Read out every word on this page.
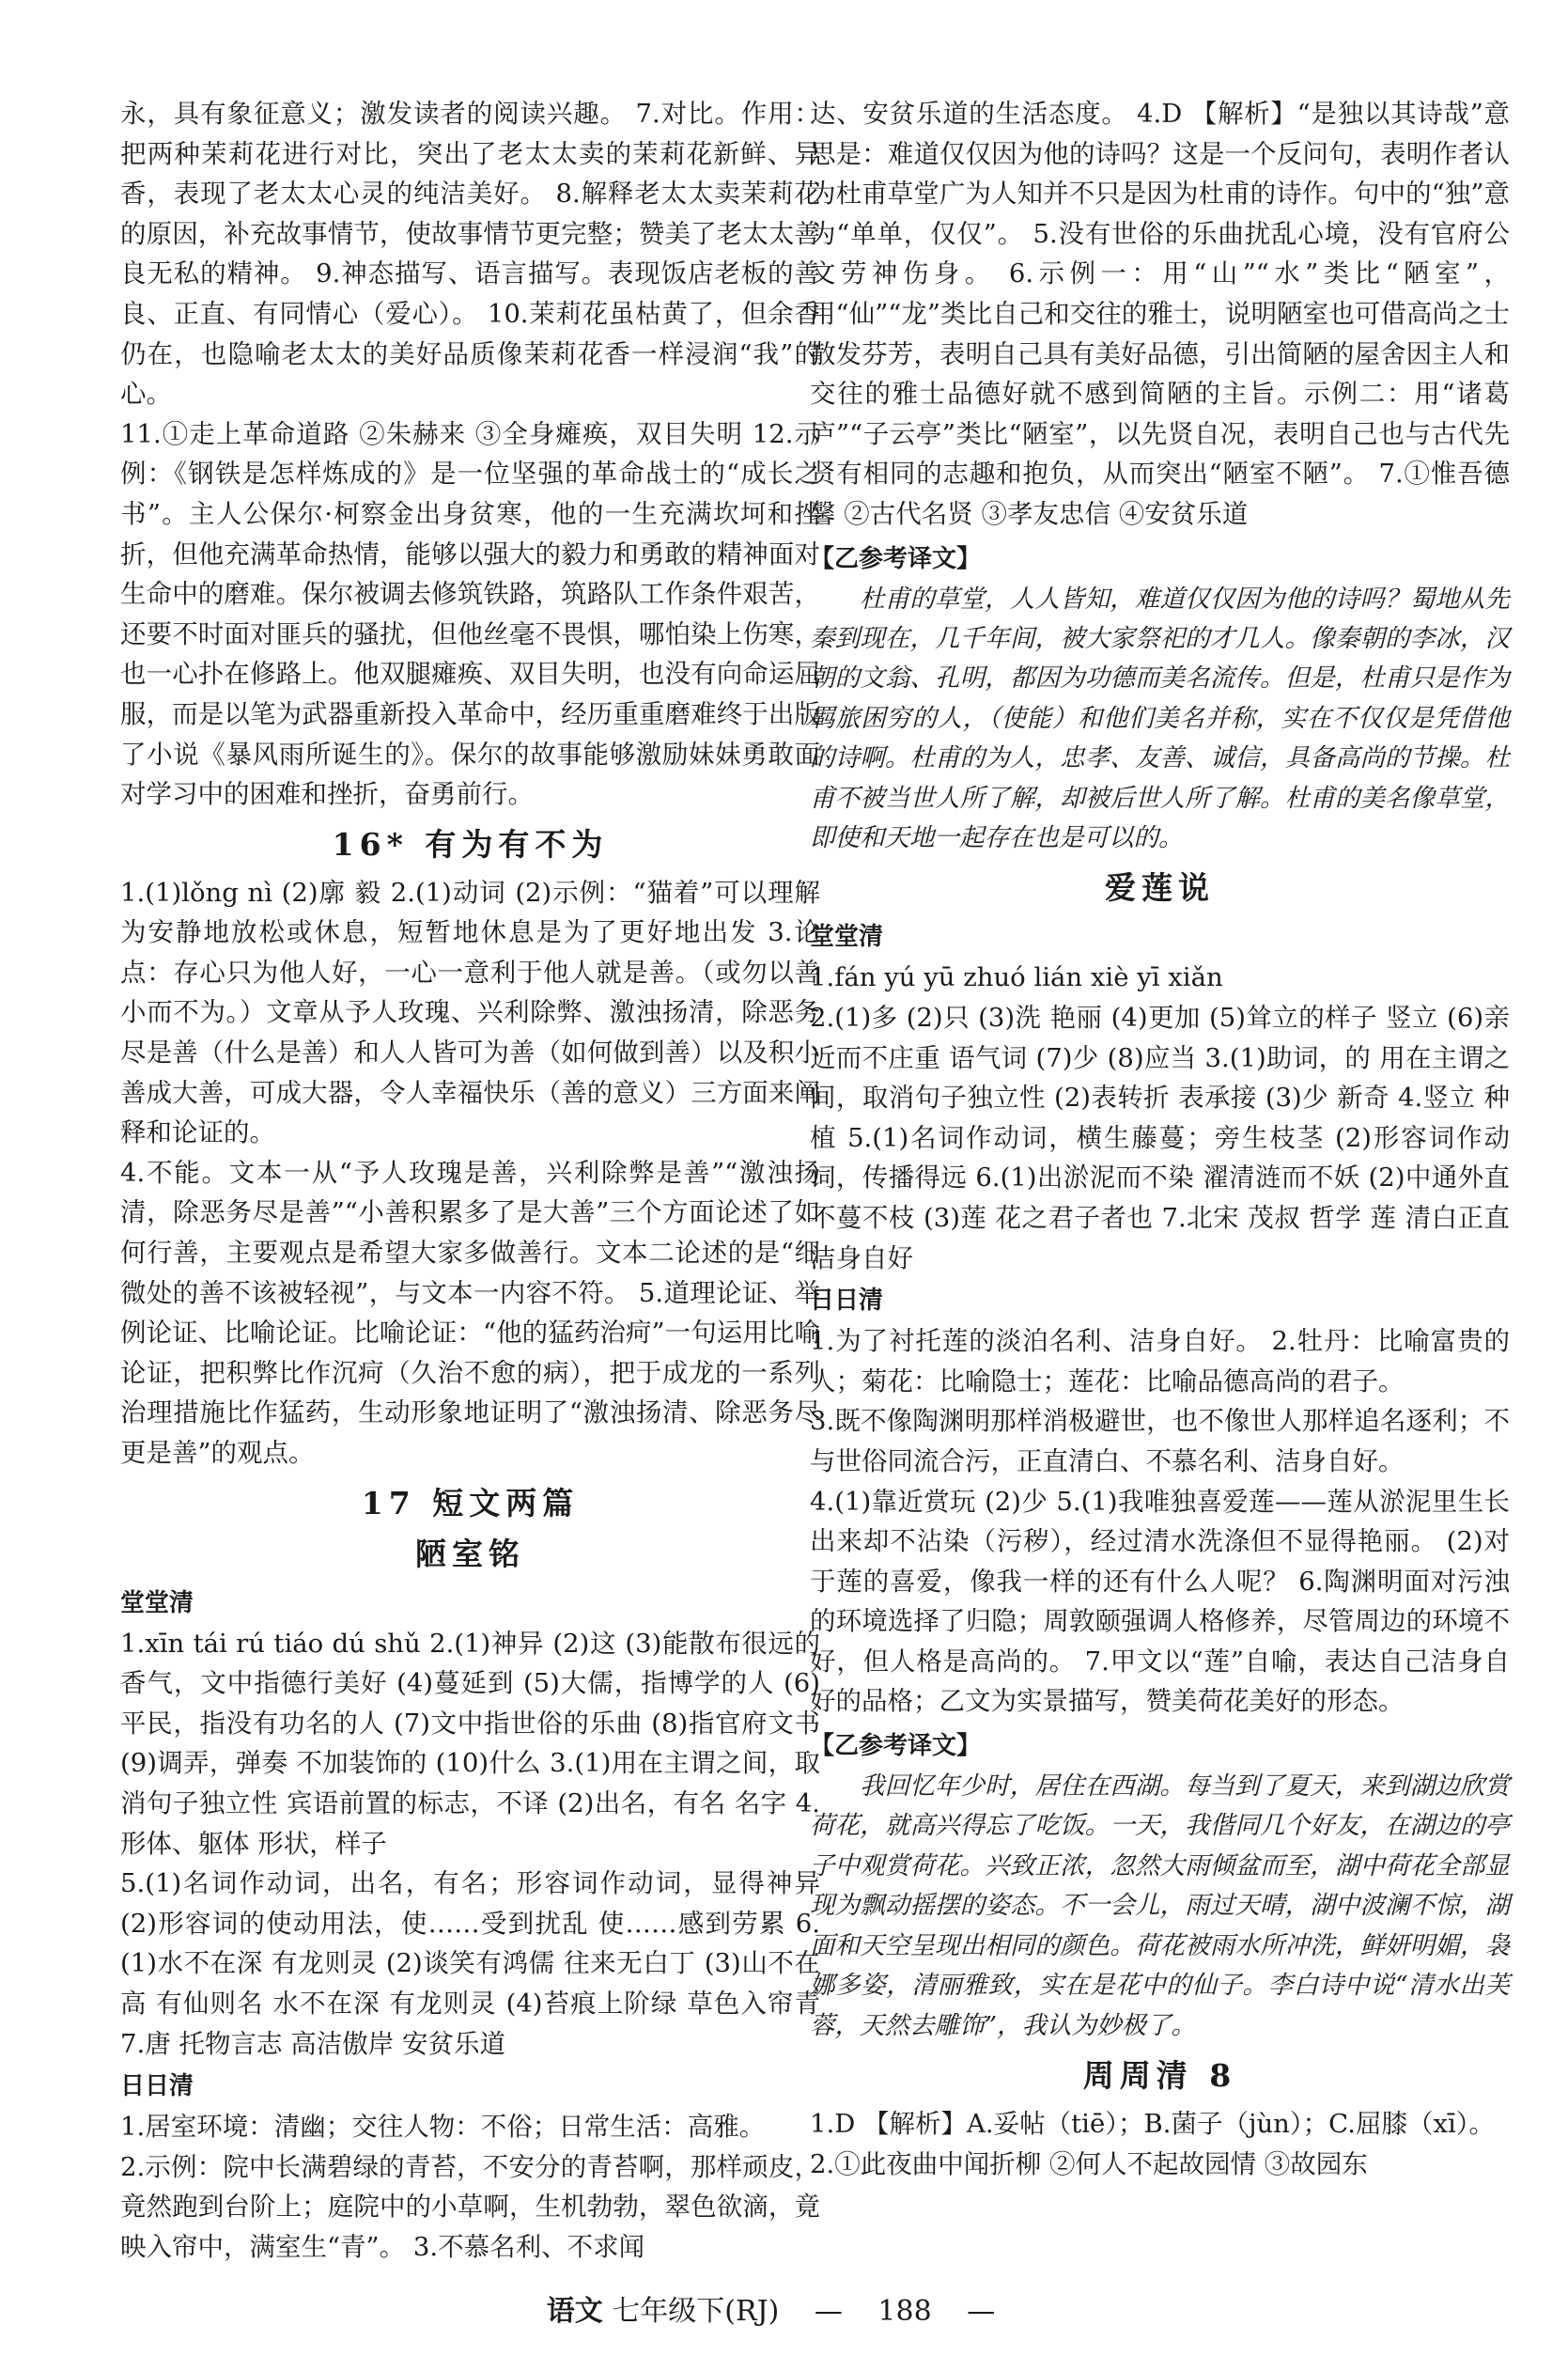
永，具有象征意义；激发读者的阅读兴趣。 7.对比。作用：把两种茉莉花进行对比，突出了老太太卖的茉莉花新鲜、异香，表现了老太太心灵的纯洁美好。 8.解释老太太卖茉莉花的原因，补充故事情节，使故事情节更完整；赞美了老太太善良无私的精神。 9.神态描写、语言描写。表现饭店老板的善良、正直、有同情心（爱心）。 10.茉莉花虽枯黄了，但余香仍在，也隐喻老太太的美好品质像茉莉花香一样浸润“我”的心。

11.①走上革命道路 ②朱赫来 ③全身瘫痪，双目失明 12.示例：《钢铁是怎样炼成的》是一位坚强的革命战士的“成长之书”。主人公保尔·柯察金出身贫寒，他的一生充满坎坷和挫折，但他充满革命热情，能够以强大的毅力和勇敢的精神面对生命中的磨难。保尔被调去修筑铁路，筑路队工作条件艰苦，还要不时面对匪兵的骚扰，但他丝毫不畏惧，哪怕染上伤寒，也一心扑在修路上。他双腿瘫痪、双目失明，也没有向命运屈服，而是以笔为武器重新投入革命中，经历重重磨难终于出版了小说《暴风雨所诞生的》。保尔的故事能够激励妹妹勇敢面对学习中的困难和挫折，奋勇前行。

16* 有为有不为

1.(1)lǒng nì (2)廓 毅 2.(1)动词 (2)示例：“猫着”可以理解为安静地放松或休息，短暂地休息是为了更好地出发 3.论点：存心只为他人好，一心一意利于他人就是善。（或勿以善小而不为。）文章从予人玫瑰、兴利除弊、激浊扬清，除恶务尽是善（什么是善）和人人皆可为善（如何做到善）以及积小善成大善，可成大器，令人幸福快乐（善的意义）三方面来阐释和论证的。

4.不能。文本一从“予人玫瑰是善，兴利除弊是善”“激浊扬清，除恶务尽是善”“小善积累多了是大善”三个方面论述了如何行善，主要观点是希望大家多做善行。文本二论述的是“细微处的善不该被轻视”，与文本一内容不符。 5.道理论证、举例论证、比喻论证。比喻论证：“他的猛药治疴”一句运用比喻论证，把积弊比作沉疴（久治不愈的病），把于成龙的一系列治理措施比作猛药，生动形象地证明了“激浊扬清、除恶务尽更是善”的观点。

17 短文两篇
陋室铭
堂堂清

1.xīn tái rú tiáo dú shǔ 2.(1)神异 (2)这 (3)能散布很远的香气，文中指德行美好 (4)蔓延到 (5)大儒，指博学的人 (6)平民，指没有功名的人 (7)文中指世俗的乐曲 (8)指官府文书 (9)调弄，弹奏 不加装饰的 (10)什么 3.(1)用在主谓之间，取消句子独立性 宾语前置的标志，不译 (2)出名，有名 名字 4.形体、躯体 形状，样子

5.(1)名词作动词，出名，有名；形容词作动词，显得神异 (2)形容词的使动用法，使……受到扰乱 使……感到劳累 6.(1)水不在深 有龙则灵 (2)谈笑有鸿儒 往来无白丁 (3)山不在高 有仙则名 水不在深 有龙则灵 (4)苔痕上阶绿 草色入帘青 7.唐 托物言志 高洁傲岸 安贫乐道

日日清

1.居室环境：清幽；交往人物：不俗；日常生活：高雅。

2.示例：院中长满碧绿的青苔，不安分的青苔啊，那样顽皮，竟然跑到台阶上；庭院中的小草啊，生机勃勃，翠色欲滴，竟映入帘中，满室生“青”。 3.不慕名利、不求闻

达、安贫乐道的生活态度。 4.D 【解析】“是独以其诗哉”意思是：难道仅仅因为他的诗吗？这是一个反问句，表明作者认为杜甫草堂广为人知并不只是因为杜甫的诗作。句中的“独”意为“单单，仅仅”。 5.没有世俗的乐曲扰乱心境，没有官府公文劳神伤身。 6.示例一：用“山”“水”类比“陋室”，用“仙”“龙”类比自己和交往的雅士，说明陋室也可借高尚之士散发芬芳，表明自己具有美好品德，引出简陋的屋舍因主人和交往的雅士品德好就不感到简陋的主旨。示例二：用“诸葛庐”“子云亭”类比“陋室”，以先贤自况，表明自己也与古代先贤有相同的志趣和抱负，从而突出“陋室不陋”。 7.①惟吾德馨 ②古代名贤 ③孝友忠信 ④安贫乐道

【乙参考译文】

杜甫的草堂，人人皆知，难道仅仅因为他的诗吗？蜀地从先秦到现在，几千年间，被大家祭祀的才几人。像秦朝的李冰，汉朝的文翁、孔明，都因为功德而美名流传。但是，杜甫只是作为羁旅困穷的人，（使能）和他们美名并称，实在不仅仅是凭借他的诗啊。杜甫的为人，忠孝、友善、诚信，具备高尚的节操。杜甫不被当世人所了解，却被后世人所了解。杜甫的美名像草堂，即使和天地一起存在也是可以的。

爱莲说
堂堂清

1.fán yú yū zhuó lián xiè yī xiǎn

2.(1)多 (2)只 (3)洗 艳丽 (4)更加 (5)耸立的样子 竖立 (6)亲近而不庄重 语气词 (7)少 (8)应当 3.(1)助词，的 用在主谓之间，取消句子独立性 (2)表转折 表承接 (3)少 新奇 4.竖立 种植 5.(1)名词作动词，横生藤蔓；旁生枝茎 (2)形容词作动词，传播得远 6.(1)出淤泥而不染 濯清涟而不妖 (2)中通外直 不蔓不枝 (3)莲 花之君子者也 7.北宋 茂叔 哲学 莲 清白正直 洁身自好

日日清

1.为了衬托莲的淡泊名利、洁身自好。 2.牡丹：比喻富贵的人；菊花：比喻隐士；莲花：比喻品德高尚的君子。

3.既不像陶渊明那样消极避世，也不像世人那样追名逐利；不与世俗同流合污，正直清白、不慕名利、洁身自好。

4.(1)靠近赏玩 (2)少 5.(1)我唯独喜爱莲——莲从淤泥里生长出来却不沾染（污秽），经过清水洗涤但不显得艳丽。 (2)对于莲的喜爱，像我一样的还有什么人呢？ 6.陶渊明面对污浊的环境选择了归隐；周敦颐强调人格修养，尽管周边的环境不好，但人格是高尚的。 7.甲文以“莲”自喻，表达自己洁身自好的品格；乙文为实景描写，赞美荷花美好的形态。

【乙参考译文】

我回忆年少时，居住在西湖。每当到了夏天，来到湖边欣赏荷花，就高兴得忘了吃饭。一天，我偕同几个好友，在湖边的亭子中观赏荷花。兴致正浓，忽然大雨倾盆而至，湖中荷花全部显现为飘动摇摆的姿态。不一会儿，雨过天晴，湖中波澜不惊，湖面和天空呈现出相同的颜色。荷花被雨水所冲洗，鲜妍明媚，袅娜多姿，清丽雅致，实在是花中的仙子。李白诗中说“清水出芙蓉，天然去雕饰”，我认为妙极了。

周周清 8

1.D 【解析】A.妥帖（tiē）；B.菌子（jùn）；C.屈膝（xī）。

2.①此夜曲中闻折柳 ②何人不起故园情 ③故园东

语文 七年级下(RJ) — 188 —
